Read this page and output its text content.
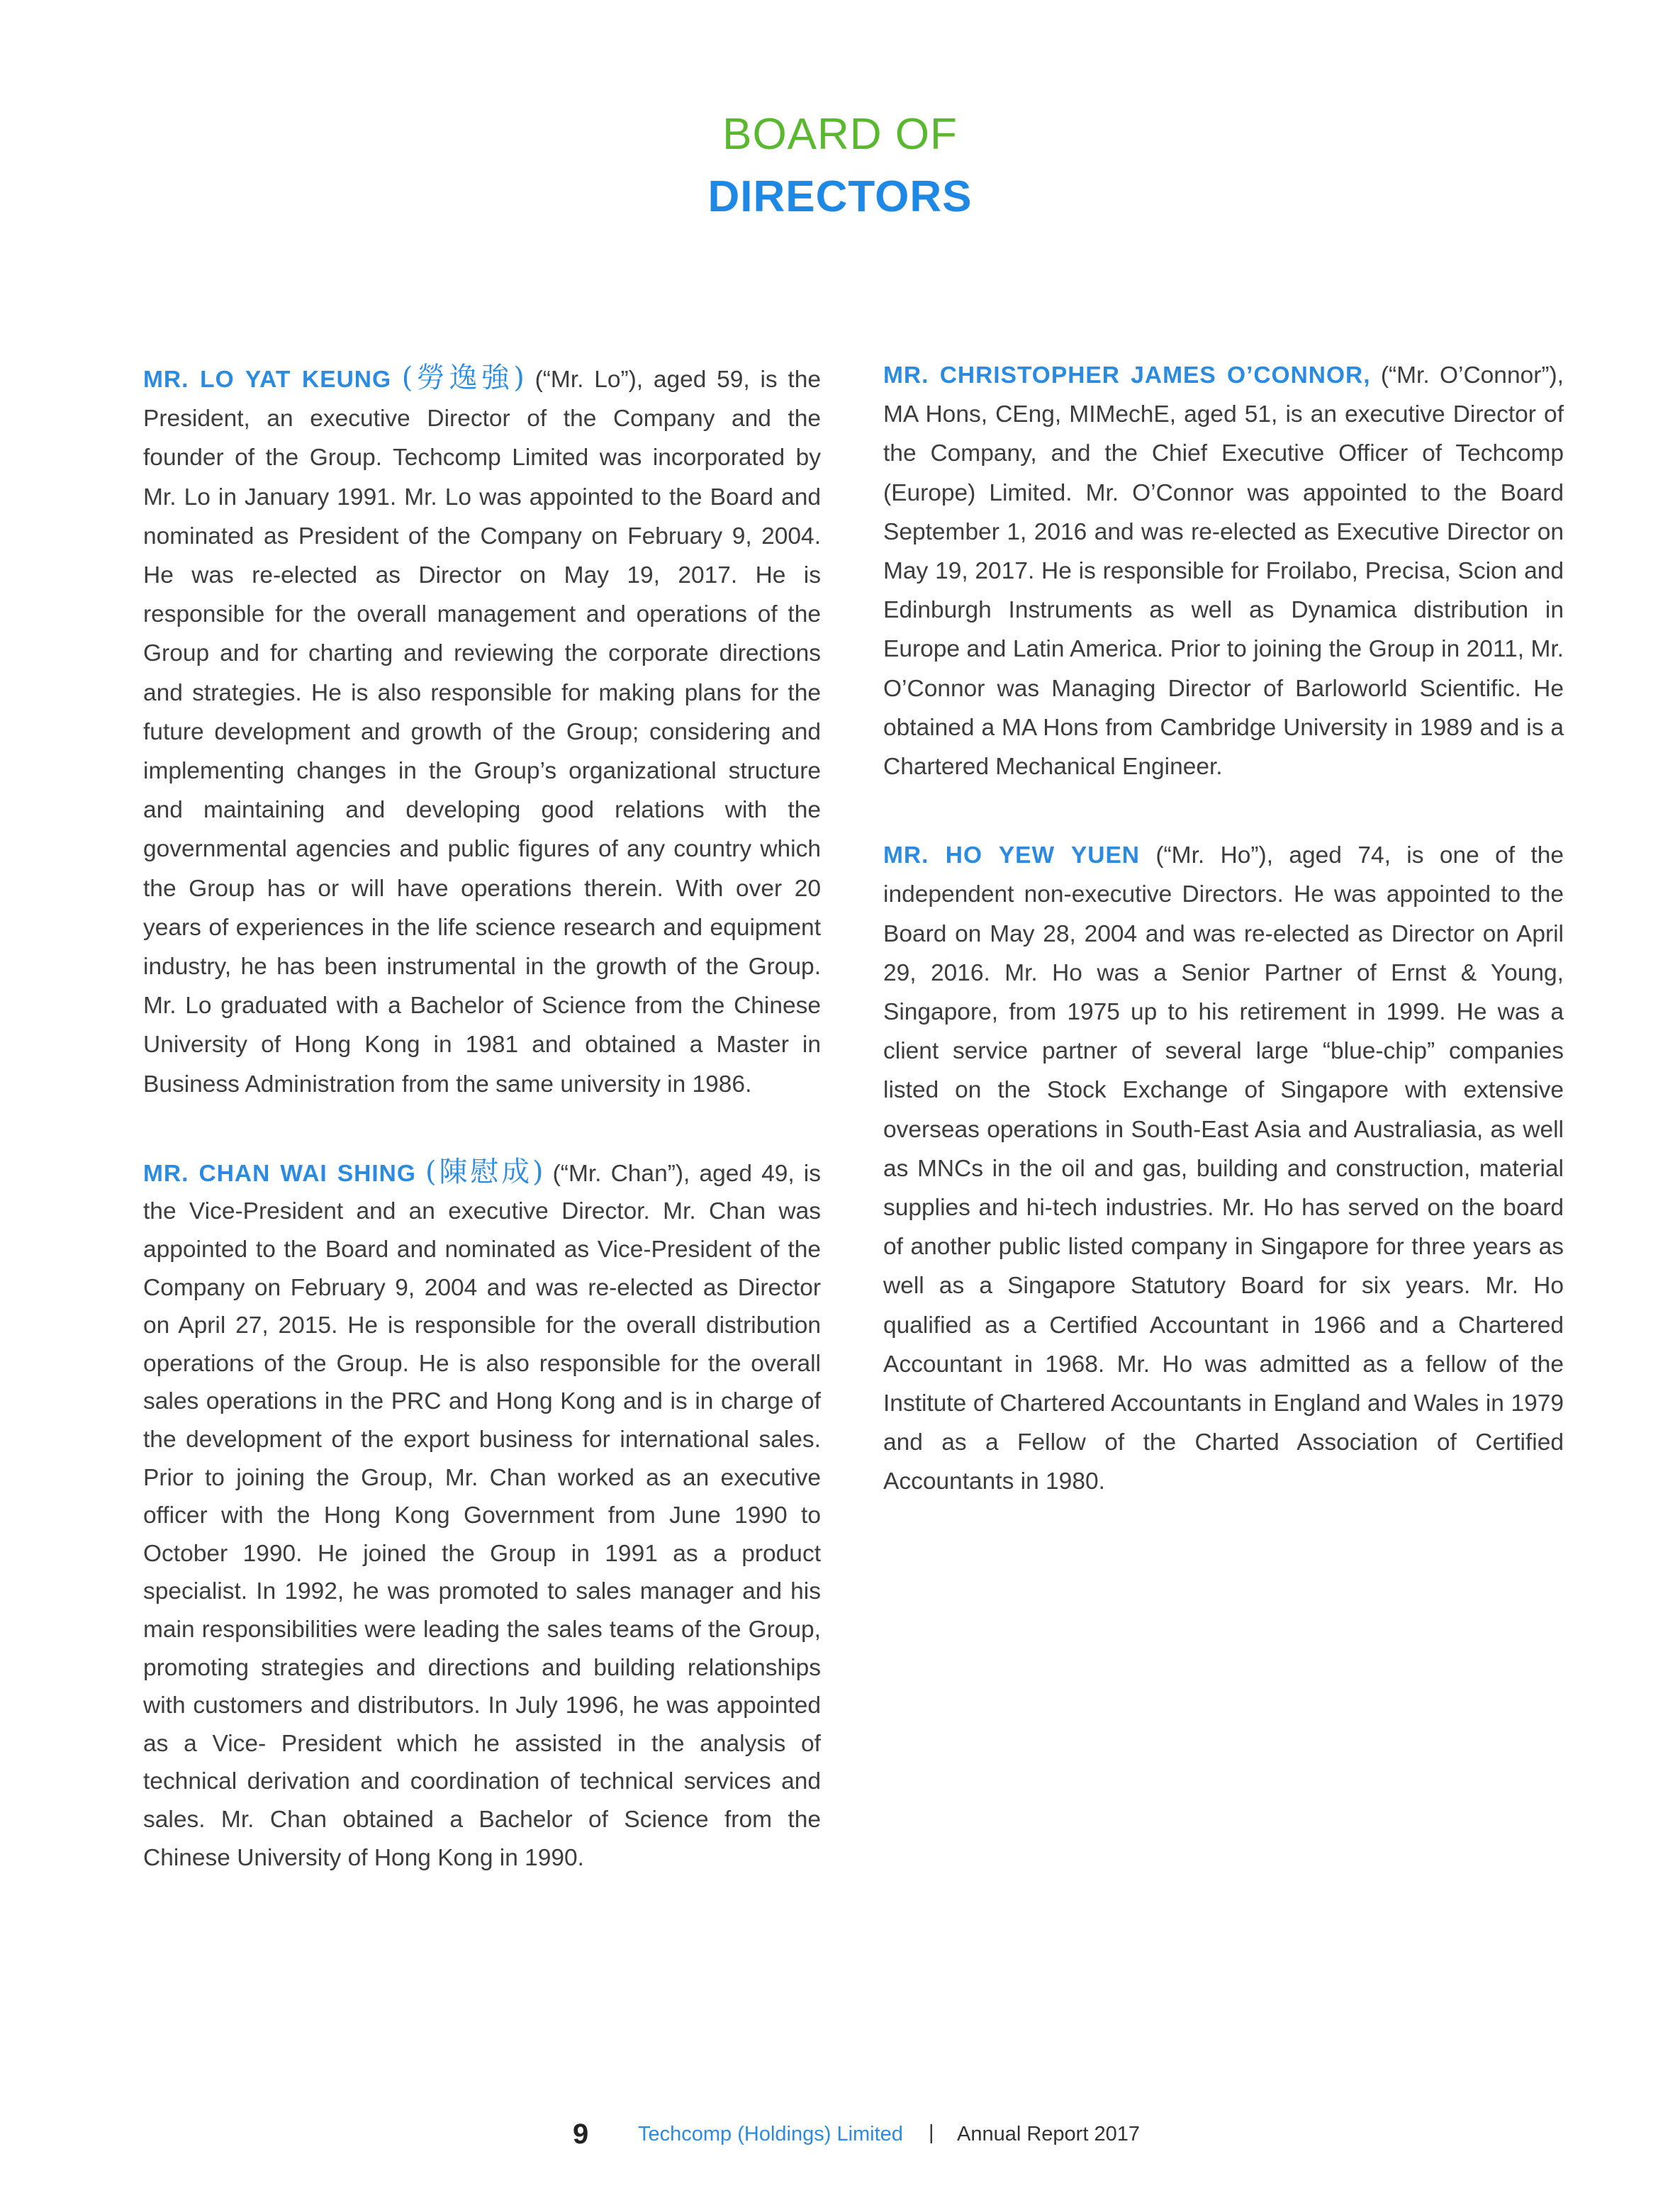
BOARD OF
DIRECTORS

MR. LO YAT KEUNG (勞逸強) (“Mr. Lo”), aged 59, is the President, an executive Director of the Company and the founder of the Group. Techcomp Limited was incorporated by Mr. Lo in January 1991. Mr. Lo was appointed to the Board and nominated as President of the Company on February 9, 2004. He was re-elected as Director on May 19, 2017. He is responsible for the overall management and operations of the Group and for charting and reviewing the corporate directions and strategies. He is also responsible for making plans for the future development and growth of the Group; considering and implementing changes in the Group’s organizational structure and maintaining and developing good relations with the governmental agencies and public figures of any country which the Group has or will have operations therein. With over 20 years of experiences in the life science research and equipment industry, he has been instrumental in the growth of the Group. Mr. Lo graduated with a Bachelor of Science from the Chinese University of Hong Kong in 1981 and obtained a Master in Business Administration from the same university in 1986.

MR. CHAN WAI SHING (陳慰成) (“Mr. Chan”), aged 49, is the Vice-President and an executive Director. Mr. Chan was appointed to the Board and nominated as Vice-President of the Company on February 9, 2004 and was re-elected as Director on April 27, 2015. He is responsible for the overall distribution operations of the Group. He is also responsible for the overall sales operations in the PRC and Hong Kong and is in charge of the development of the export business for international sales. Prior to joining the Group, Mr. Chan worked as an executive officer with the Hong Kong Government from June 1990 to October 1990. He joined the Group in 1991 as a product specialist. In 1992, he was promoted to sales manager and his main responsibilities were leading the sales teams of the Group, promoting strategies and directions and building relationships with customers and distributors. In July 1996, he was appointed as a Vice- President which he assisted in the analysis of technical derivation and coordination of technical services and sales. Mr. Chan obtained a Bachelor of Science from the Chinese University of Hong Kong in 1990.

MR. CHRISTOPHER JAMES O’CONNOR, (“Mr. O’Connor”), MA Hons, CEng, MIMechE, aged 51, is an executive Director of the Company, and the Chief Executive Officer of Techcomp (Europe) Limited. Mr. O’Connor was appointed to the Board September 1, 2016 and was re-elected as Executive Director on May 19, 2017. He is responsible for Froilabo, Precisa, Scion and Edinburgh Instruments as well as Dynamica distribution in Europe and Latin America. Prior to joining the Group in 2011, Mr. O’Connor was Managing Director of Barloworld Scientific. He obtained a MA Hons from Cambridge University in 1989 and is a Chartered Mechanical Engineer.

MR. HO YEW YUEN (“Mr. Ho”), aged 74, is one of the independent non-executive Directors. He was appointed to the Board on May 28, 2004 and was re-elected as Director on April 29, 2016. Mr. Ho was a Senior Partner of Ernst & Young, Singapore, from 1975 up to his retirement in 1999. He was a client service partner of several large “blue-chip” companies listed on the Stock Exchange of Singapore with extensive overseas operations in South-East Asia and Australiasia, as well as MNCs in the oil and gas, building and construction, material supplies and hi-tech industries. Mr. Ho has served on the board of another public listed company in Singapore for three years as well as a Singapore Statutory Board for six years. Mr. Ho qualified as a Certified Accountant in 1966 and a Chartered Accountant in 1968. Mr. Ho was admitted as a fellow of the Institute of Chartered Accountants in England and Wales in 1979 and as a Fellow of the Charted Association of Certified Accountants in 1980.

9 Techcomp (Holdings) Limited | Annual Report 2017
